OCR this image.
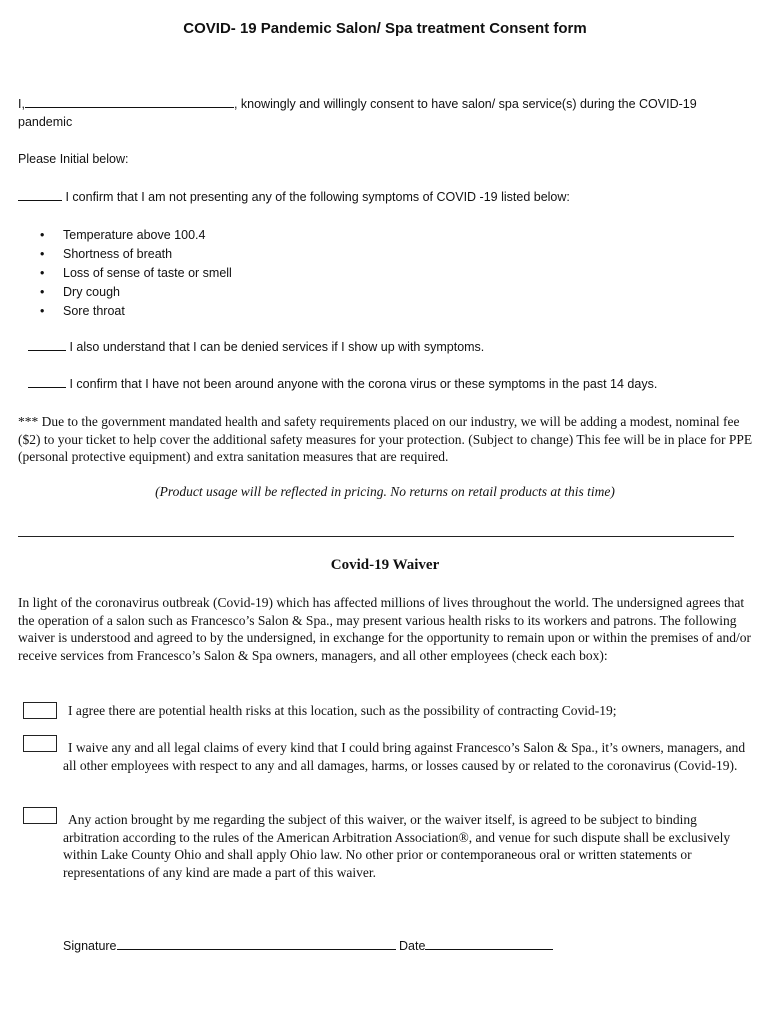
COVID- 19 Pandemic Salon/ Spa treatment Consent form
I,	, knowingly and willingly consent to have salon/ spa service(s) during the COVID-19
pandemic
Please Initial below:
I confirm that I am not presenting any of the following symptoms of COVID -19 listed below:
• Temperature above 100.4
• Shortness of breath
• Loss of sense of taste or smell
• Dry cough
• Sore throat
I also understand that I can be denied services if I show up with symptoms.
I confirm that I have not been around anyone with the corona virus or these symptoms in the past 14 days.
*** Due to the government mandated health and safety requirements placed on our industry, we will be adding a modest, nominal fee ($2) to your ticket to help cover the additional safety measures for your protection. (Subject to change) This fee will be in place for PPE (personal protective equipment) and extra sanitation measures that are required.
(Product usage will be reflected in pricing. No returns on retail products at this time)
Covid-19 Waiver
In light of the coronavirus outbreak (Covid-19) which has affected millions of lives throughout the world. The undersigned agrees that the operation of a salon such as Francesco’s Salon & Spa., may present various health risks to its workers and patrons. The following waiver is understood and agreed to by the undersigned, in exchange for the opportunity to remain upon or within the premises of and/or receive services from Francesco’s Salon & Spa owners, managers, and all other employees (check each box):
I agree there are potential health risks at this location, such as the possibility of contracting Covid-19;
I waive any and all legal claims of every kind that I could bring against Francesco’s Salon & Spa., it’s owners, managers, and all other employees with respect to any and all damages, harms, or losses caused by or related to the coronavirus (Covid-19).
Any action brought by me regarding the subject of this waiver, or the waiver itself, is agreed to be subject to binding arbitration according to the rules of the American Arbitration Association®, and venue for such dispute shall be exclusively within Lake County Ohio and shall apply Ohio law. No other prior or contemporaneous oral or written statements or representations of any kind are made a part of this waiver.
Signature	Date
